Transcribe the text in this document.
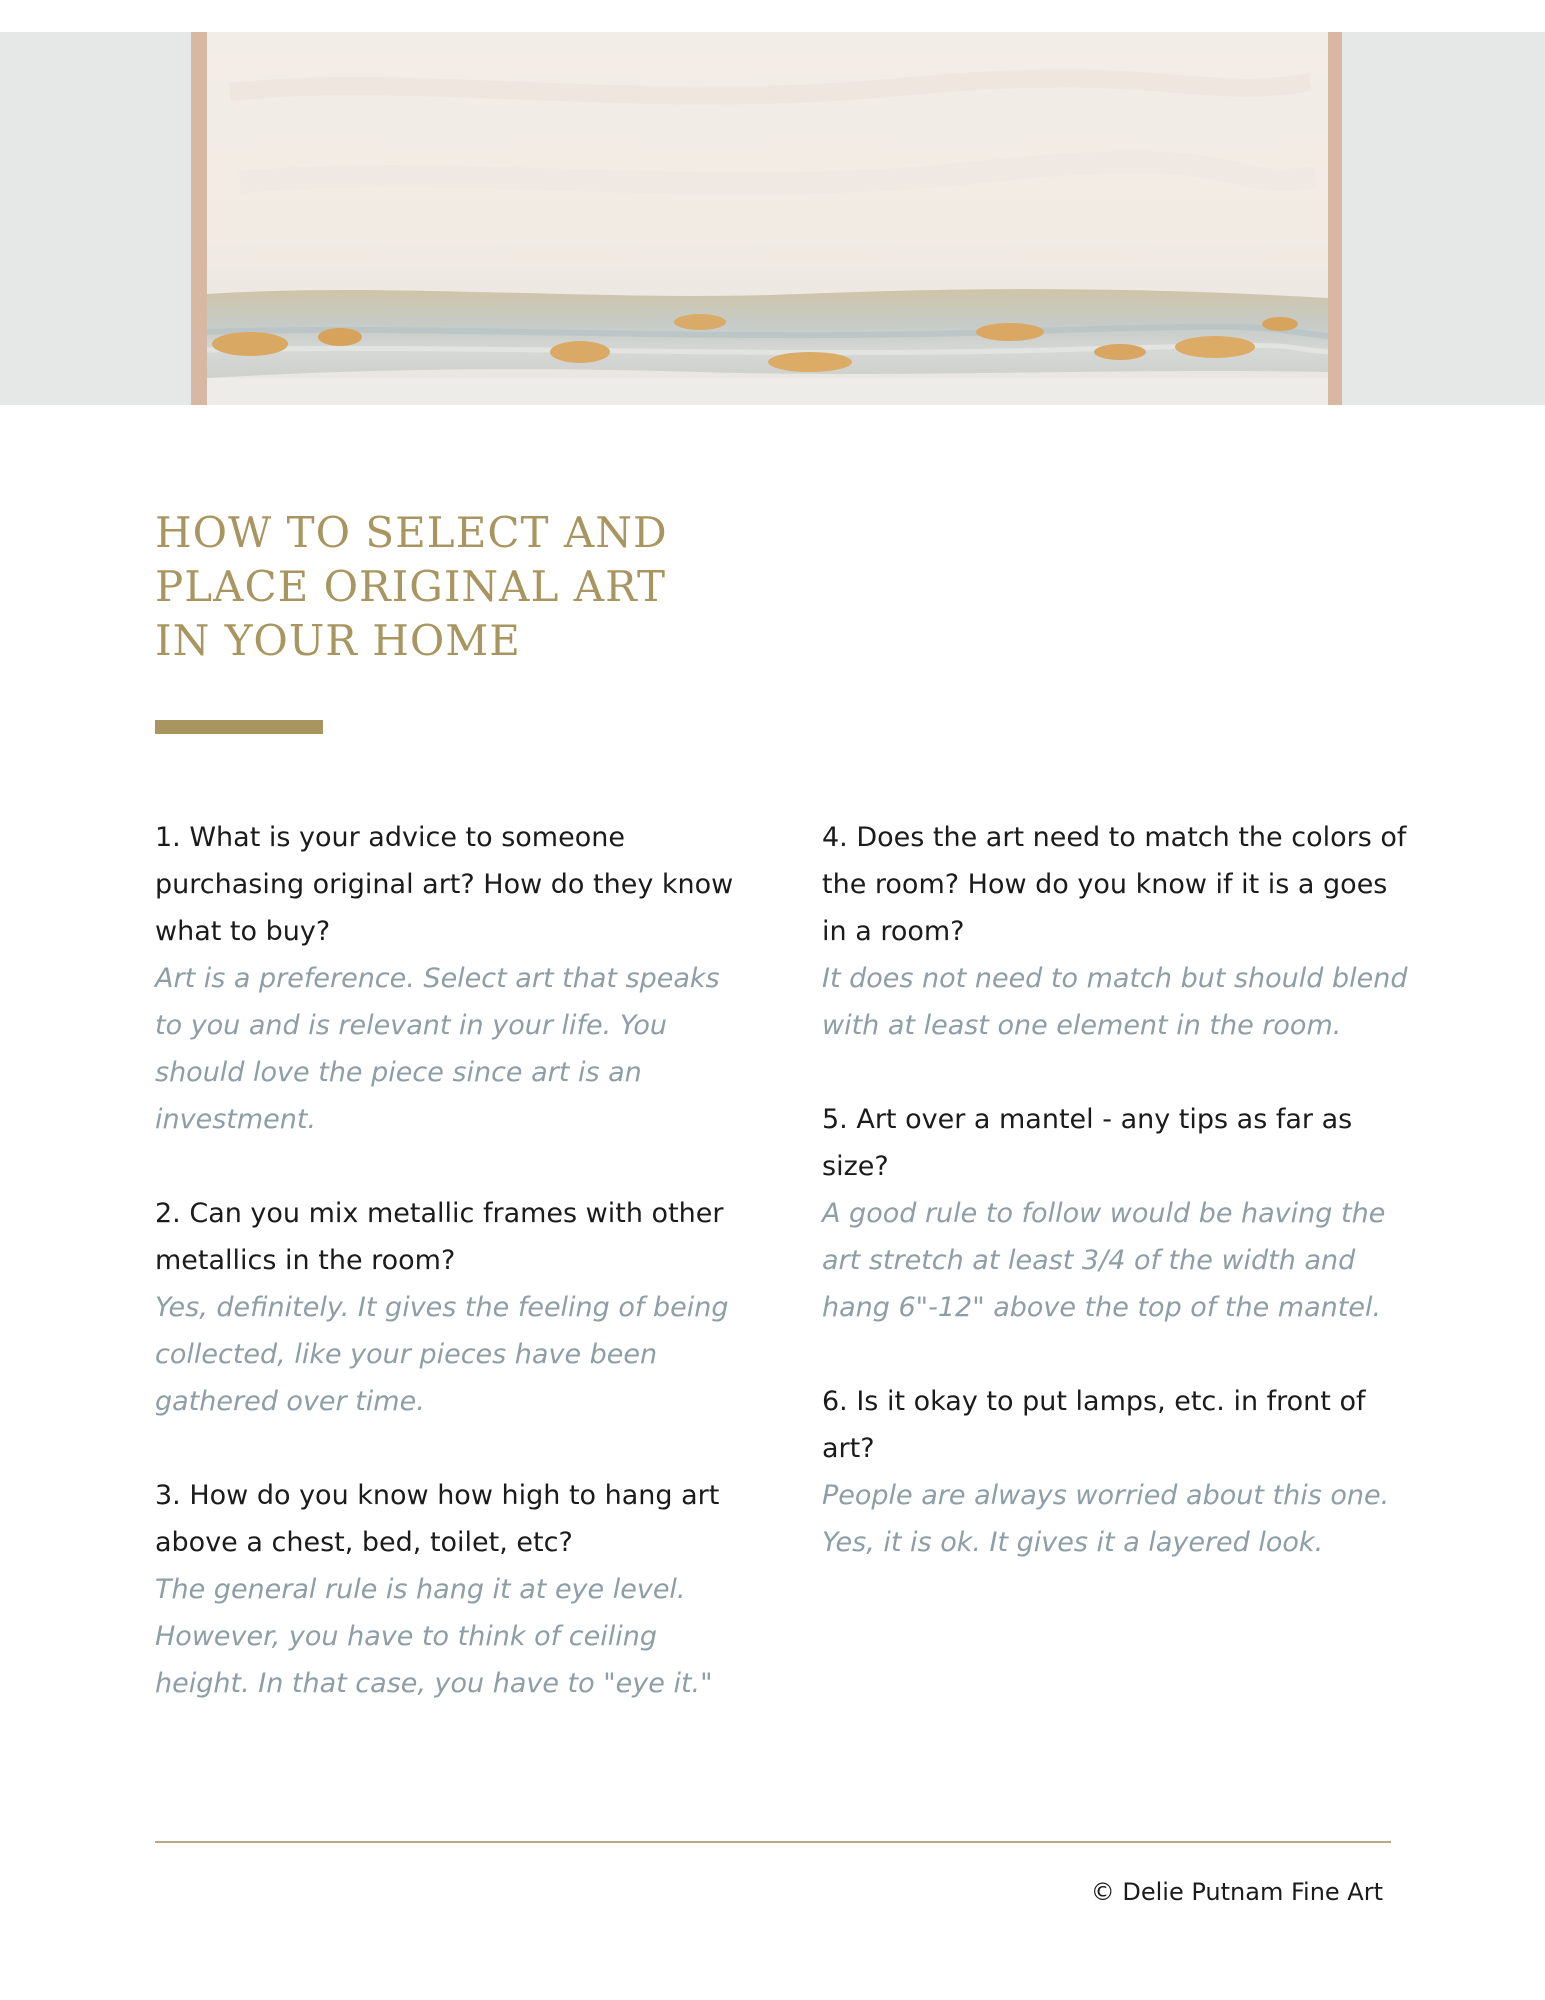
HOW TO SELECT AND
PLACE ORIGINAL ART
IN YOUR HOME

1. What is your advice to someone purchasing original art? How do they know what to buy?

Art is a preference. Select art that speaks to you and is relevant in your life. You should love the piece since art is an investment.

2. Can you mix metallic frames with other metallics in the room?

Yes, definitely. It gives the feeling of being collected, like your pieces have been gathered over time.

3. How do you know how high to hang art above a chest, bed, toilet, etc?

The general rule is hang it at eye level. However, you have to think of ceiling height. In that case, you have to "eye it."

4. Does the art need to match the colors of the room? How do you know if it is a goes in a room?

It does not need to match but should blend with at least one element in the room.

5. Art over a mantel - any tips as far as size?

A good rule to follow would be having the art stretch at least 3/4 of the width and hang 6"-12" above the top of the mantel.

6. Is it okay to put lamps, etc. in front of art?

People are always worried about this one. Yes, it is ok. It gives it a layered look.

© Delie Putnam Fine Art
